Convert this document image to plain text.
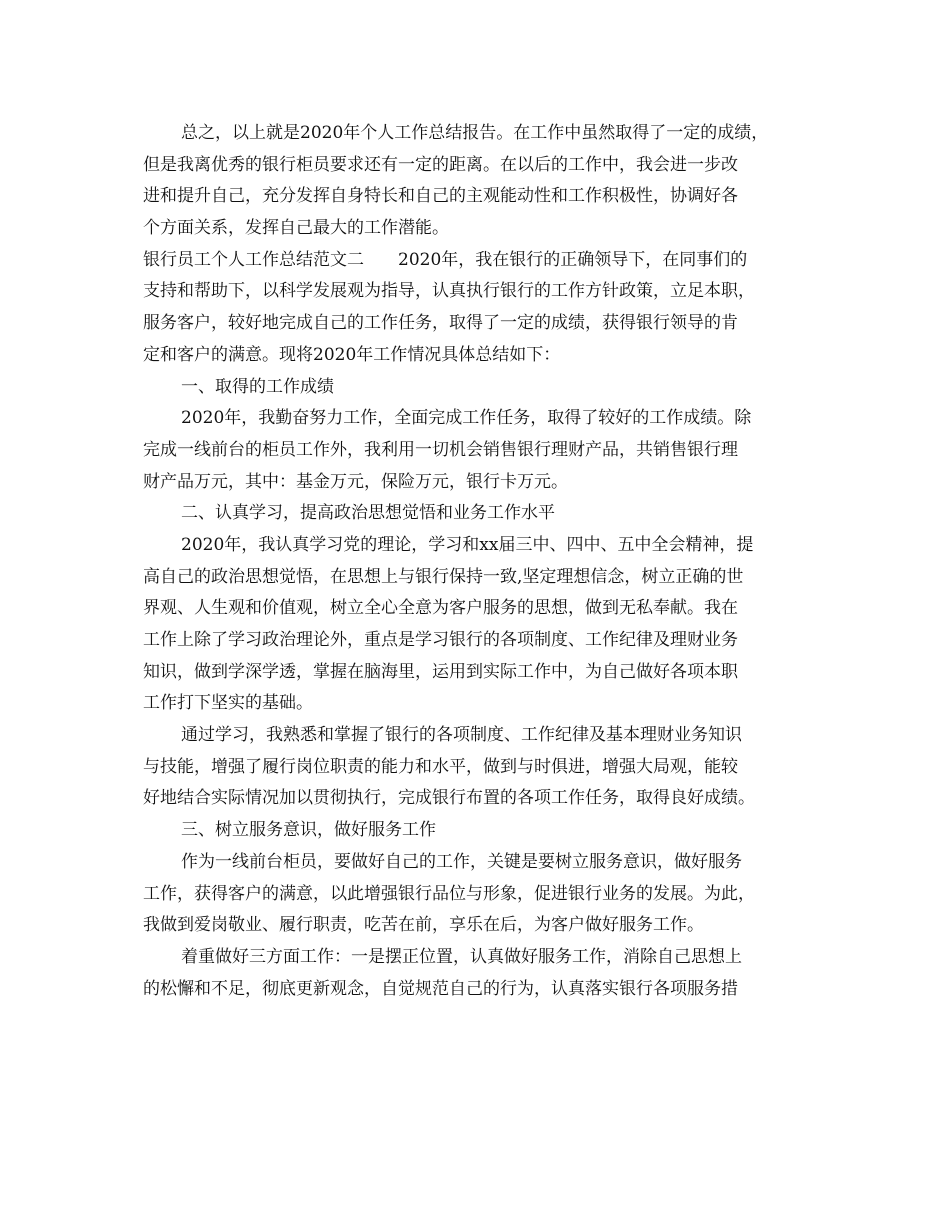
总之，以上就是2020年个人工作总结报告。在工作中虽然取得了一定的成绩，
但是我离优秀的银行柜员要求还有一定的距离。在以后的工作中，我会进一步改
进和提升自己，充分发挥自身特长和自己的主观能动性和工作积极性，协调好各
个方面关系，发挥自己最大的工作潜能。
银行员工个人工作总结范文二　　2020年，我在银行的正确领导下，在同事们的
支持和帮助下，以科学发展观为指导，认真执行银行的工作方针政策，立足本职，
服务客户，较好地完成自己的工作任务，取得了一定的成绩，获得银行领导的肯
定和客户的满意。现将2020年工作情况具体总结如下：
一、取得的工作成绩
2020年，我勤奋努力工作，全面完成工作任务，取得了较好的工作成绩。除
完成一线前台的柜员工作外，我利用一切机会销售银行理财产品，共销售银行理
财产品万元，其中：基金万元，保险万元，银行卡万元。
二、认真学习，提高政治思想觉悟和业务工作水平
2020年，我认真学习党的理论，学习和xx届三中、四中、五中全会精神，提
高自己的政治思想觉悟，在思想上与银行保持一致,坚定理想信念，树立正确的世
界观、人生观和价值观，树立全心全意为客户服务的思想，做到无私奉献。我在
工作上除了学习政治理论外，重点是学习银行的各项制度、工作纪律及理财业务
知识，做到学深学透，掌握在脑海里，运用到实际工作中，为自己做好各项本职
工作打下坚实的基础。
通过学习，我熟悉和掌握了银行的各项制度、工作纪律及基本理财业务知识
与技能，增强了履行岗位职责的能力和水平，做到与时俱进，增强大局观，能较
好地结合实际情况加以贯彻执行，完成银行布置的各项工作任务，取得良好成绩。
三、树立服务意识，做好服务工作
作为一线前台柜员，要做好自己的工作，关键是要树立服务意识，做好服务
工作，获得客户的满意，以此增强银行品位与形象，促进银行业务的发展。为此，
我做到爱岗敬业、履行职责，吃苦在前，享乐在后，为客户做好服务工作。
着重做好三方面工作：一是摆正位置，认真做好服务工作，消除自己思想上
的松懈和不足，彻底更新观念，自觉规范自己的行为，认真落实银行各项服务措
